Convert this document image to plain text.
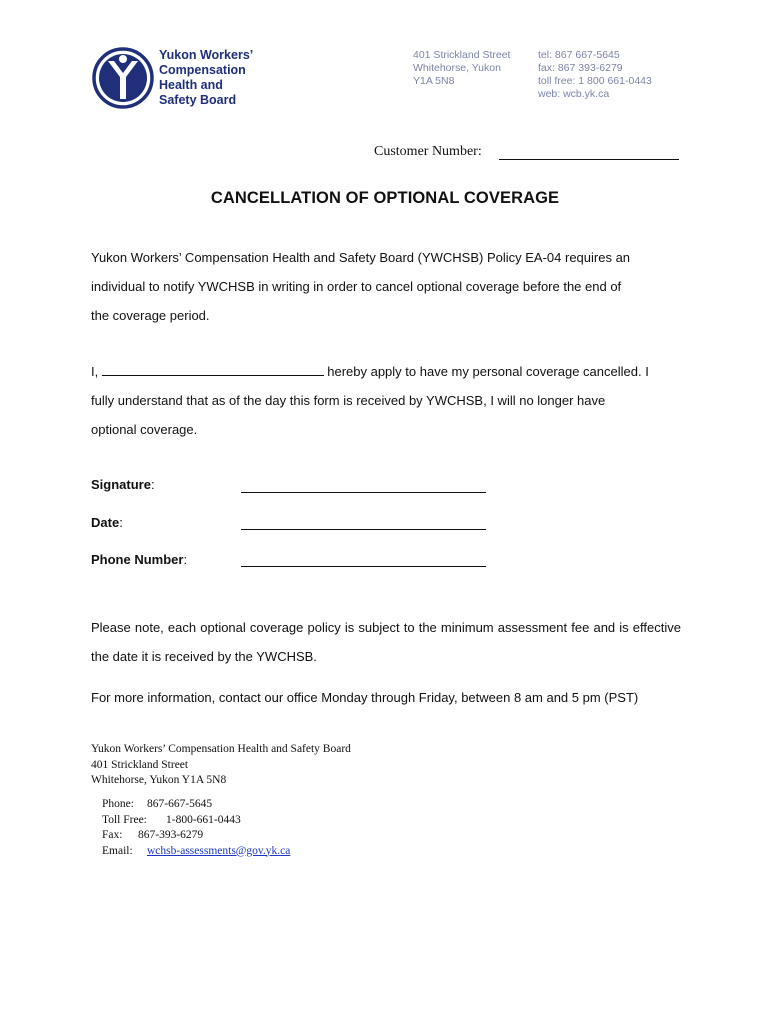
Yukon Workers’
Compensation
Health and
Safety Board
401 Strickland Street
Whitehorse, Yukon
Y1A 5N8
tel: 867 667-5645
fax: 867 393-6279
toll free: 1 800 661-0443
web: wcb.yk.ca
Customer Number:
CANCELLATION OF OPTIONAL COVERAGE

Yukon Workers’ Compensation Health and Safety Board (YWCHSB) Policy EA-04 requires an

individual to notify YWCHSB in writing in order to cancel optional coverage before the end of

the coverage period.

I,	hereby apply to have my personal coverage cancelled. I

fully understand that as of the day this form is received by YWCHSB, I will no longer have

optional coverage.

Signature:
Date:
Phone Number:

Please note, each optional coverage policy is subject to the minimum assessment fee and is effective the date it is received by the YWCHSB.

For more information, contact our office Monday through Friday, between 8 am and 5 pm (PST)
Yukon Workers’ Compensation Health and Safety Board
401 Strickland Street
Whitehorse, Yukon Y1A 5N8
Phone: 867-667-5645
Toll Free: 1-800-661-0443
Fax: 867-393-6279
Email: wchsb-assessments@gov.yk.ca
